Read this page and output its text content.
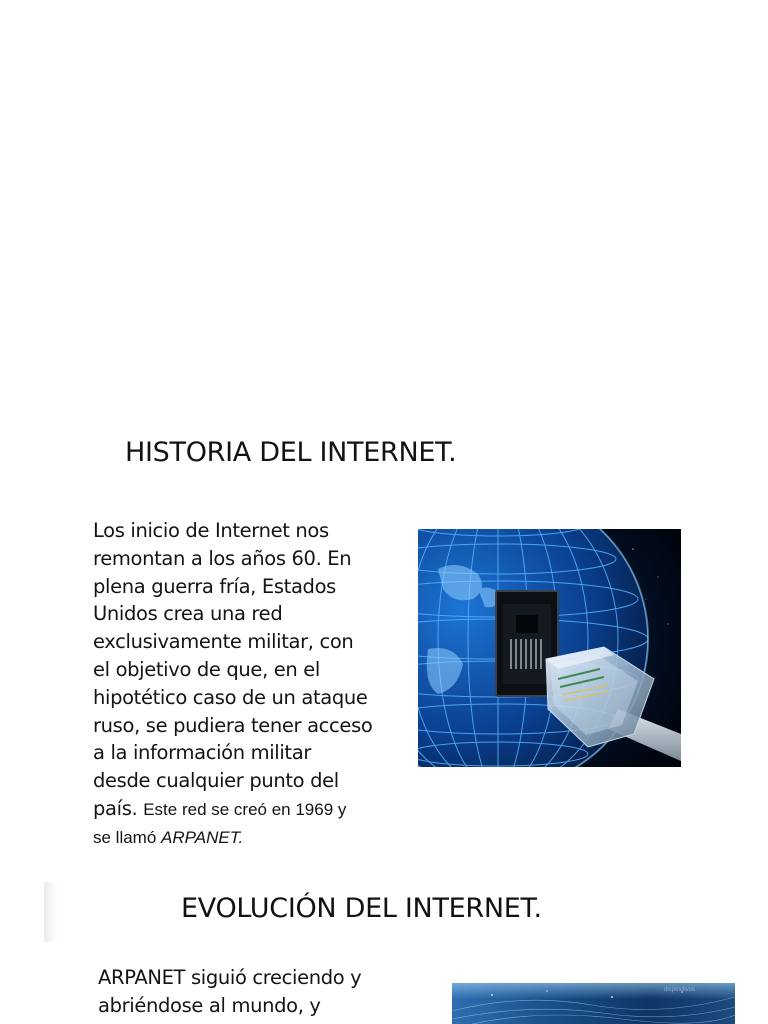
HISTORIA DEL INTERNET.

Los inicio de Internet nos
remontan a los años 60. En
plena guerra fría, Estados
Unidos crea una red
exclusivamente militar, con
el objetivo de que, en el
hipotético caso de un ataque
ruso, se pudiera tener acceso
a la información militar
desde cualquier punto del
país. Este red se creó en 1969 y
se llamó ARPANET.

EVOLUCIÓN DEL INTERNET.

ARPANET siguió creciendo y
abriéndose al mundo, y

dispositivos
